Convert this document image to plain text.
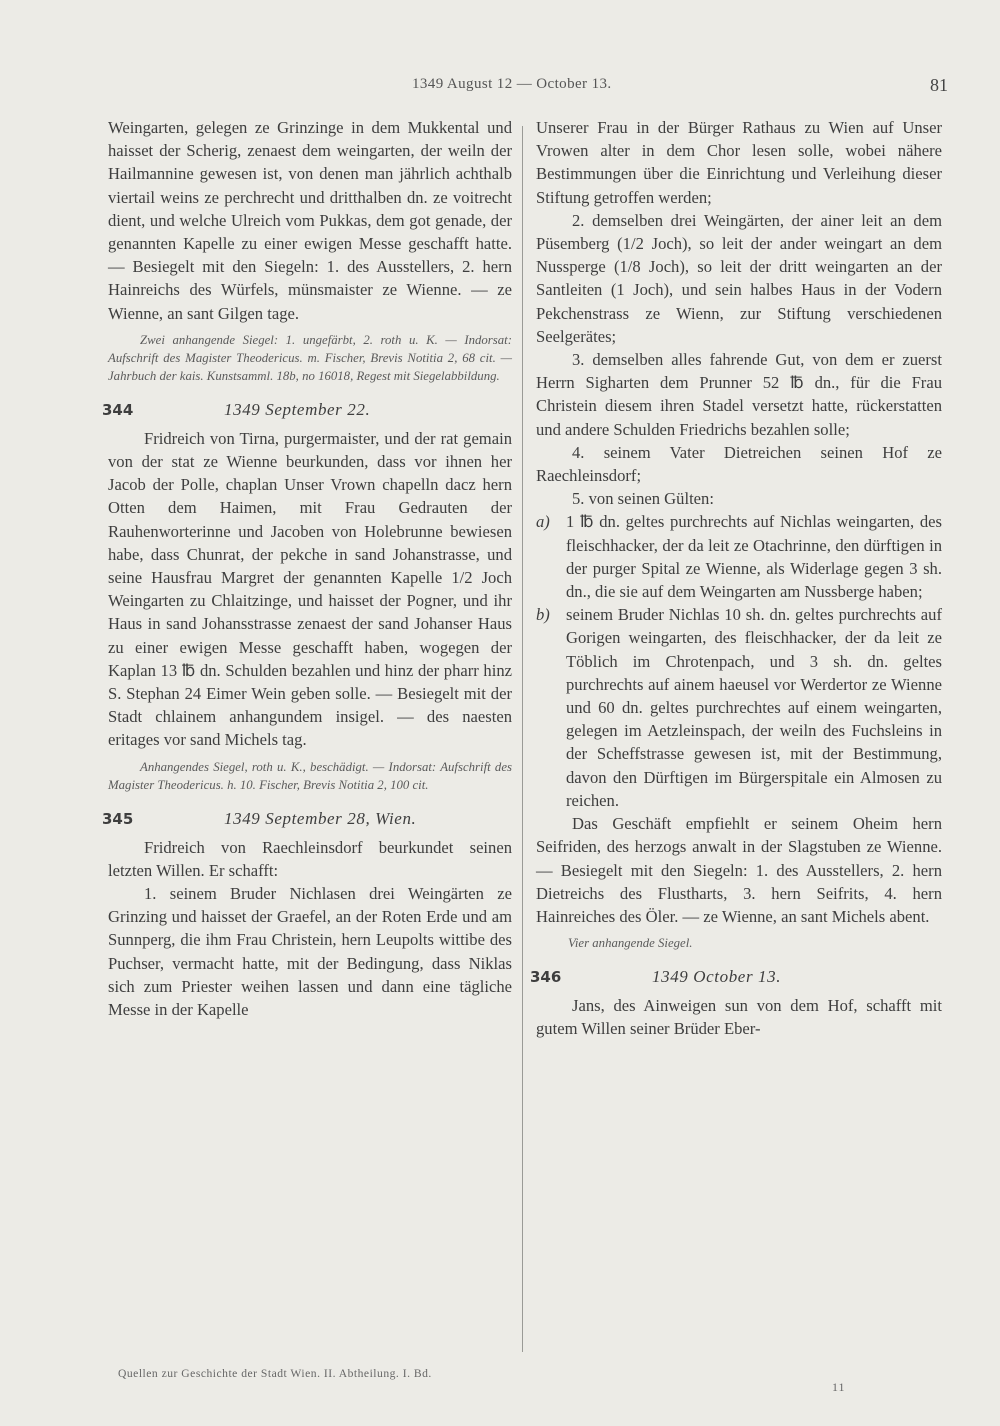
1349 August 12 — October 13.	81

Weingarten, gelegen ze Grinzinge in dem Mukkental und haisset der Scherig, zenaest dem weingarten, der weiln der Hailmannine gewesen ist, von denen man jährlich achthalb viertail weins ze perchrecht und dritthalben dn. ze voitrecht dient, und welche Ulreich vom Pukkas, dem got genade, der genannten Kapelle zu einer ewigen Messe geschafft hatte. — Besiegelt mit den Siegeln: 1. des Ausstellers, 2. hern Hainreichs des Würfels, münsmaister ze Wienne. — ze Wienne, an sant Gilgen tage.

Zwei anhangende Siegel: 1. ungefärbt, 2. roth u. K. — Indorsat: Aufschrift des Magister Theodericus. m. Fischer, Brevis Notitia 2, 68 cit. — Jahrbuch der kais. Kunstsamml. 18b, no 16018, Regest mit Siegelabbildung.

344	1349 September 22.

Fridreich von Tirna, purgermaister, und der rat gemain von der stat ze Wienne beurkunden, dass vor ihnen her Jacob der Polle, chaplan Unser Vrown chapelln dacz hern Otten dem Haimen, mit Frau Gedrauten der Rauhenworterinne und Jacoben von Holebrunne bewiesen habe, dass Chunrat, der pekche in sand Johanstrasse, und seine Hausfrau Margret der genannten Kapelle 1/2 Joch Weingarten zu Chlaitzinge, und haisset der Pogner, und ihr Haus in sand Johansstrasse zenaest der sand Johanser Haus zu einer ewigen Messe geschafft haben, wogegen der Kaplan 13 ℔ dn. Schulden bezahlen und hinz der pharr hinz S. Stephan 24 Eimer Wein geben solle. — Besiegelt mit der Stadt chlainem anhangundem insigel. — des naesten eritages vor sand Michels tag.

Anhangendes Siegel, roth u. K., beschädigt. — Indorsat: Aufschrift des Magister Theodericus. h. 10. Fischer, Brevis Notitia 2, 100 cit.

345	1349 September 28, Wien.

Fridreich von Raechleinsdorf beurkundet seinen letzten Willen. Er schafft:

1. seinem Bruder Nichlasen drei Weingärten ze Grinzing und haisset der Graefel, an der Roten Erde und am Sunnperg, die ihm Frau Christein, hern Leupolts wittibe des Puchser, vermacht hatte, mit der Bedingung, dass Niklas sich zum Priester weihen lassen und dann eine tägliche Messe in der Kapelle

Unserer Frau in der Bürger Rathaus zu Wien auf Unser Vrowen alter in dem Chor lesen solle, wobei nähere Bestimmungen über die Einrichtung und Verleihung dieser Stiftung getroffen werden;

2. demselben drei Weingärten, der ainer leit an dem Püsemberg (1/2 Joch), so leit der ander weingart an dem Nussperge (1/8 Joch), so leit der dritt weingarten an der Santleiten (1 Joch), und sein halbes Haus in der Vodern Pekchenstrass ze Wienn, zur Stiftung verschiedenen Seelgerätes;

3. demselben alles fahrende Gut, von dem er zuerst Herrn Sigharten dem Prunner 52 ℔ dn., für die Frau Christein diesem ihren Stadel versetzt hatte, rückerstatten und andere Schulden Friedrichs bezahlen solle;

4. seinem Vater Dietreichen seinen Hof ze Raechleinsdorf;

5. von seinen Gülten:

a) 1 ℔ dn. geltes purchrechts auf Nichlas weingarten, des fleischhacker, der da leit ze Otachrinne, den dürftigen in der purger Spital ze Wienne, als Widerlage gegen 3 sh. dn., die sie auf dem Weingarten am Nussberge haben;

b) seinem Bruder Nichlas 10 sh. dn. geltes purchrechts auf Gorigen weingarten, des fleischhacker, der da leit ze Töblich im Chrotenpach, und 3 sh. dn. geltes purchrechts auf ainem haeusel vor Werdertor ze Wienne und 60 dn. geltes purchrechtes auf einem weingarten, gelegen im Aetzleinspach, der weiln des Fuchsleins in der Scheffstrasse gewesen ist, mit der Bestimmung, davon den Dürftigen im Bürgerspitale ein Almosen zu reichen.

Das Geschäft empfiehlt er seinem Oheim hern Seifriden, des herzogs anwalt in der Slagstuben ze Wienne. — Besiegelt mit den Siegeln: 1. des Ausstellers, 2. hern Dietreichs des Flustharts, 3. hern Seifrits, 4. hern Hainreiches des Öler. — ze Wienne, an sant Michels abent.

Vier anhangende Siegel.

346	1349 October 13.

Jans, des Ainweigen sun von dem Hof, schafft mit gutem Willen seiner Brüder Eber-

Quellen zur Geschichte der Stadt Wien. II. Abtheilung. I. Bd.
11
